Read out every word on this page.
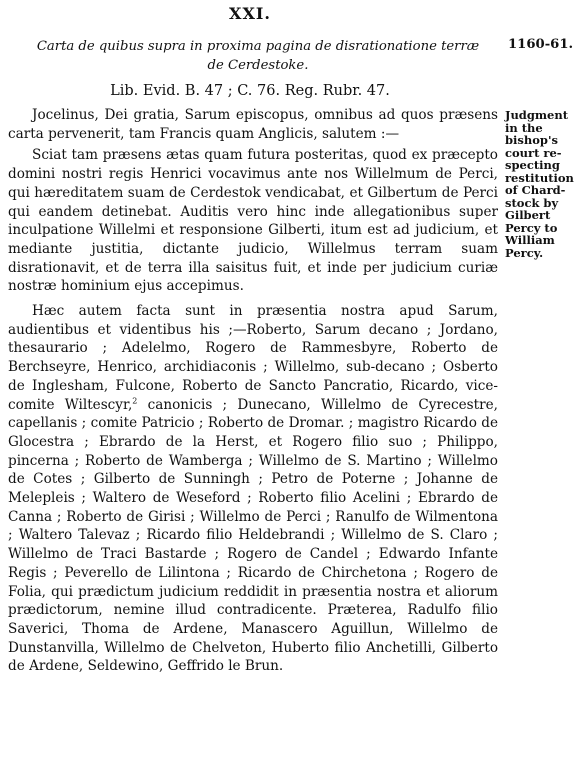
XXI.
Carta de quibus supra in proxima pagina de disrationatione terræ de Cerdestoke.
1160-61.
Lib. Evid. B. 47 ; C. 76. Reg. Rubr. 47.

Jocelinus, Dei gratia, Sarum episcopus, omnibus ad quos præsens carta pervenerit, tam Francis quam Anglicis, salutem :—

Sciat tam præsens ætas quam futura posteritas, quod ex præcepto domini nostri regis Henrici vocavimus ante nos Willelmum de Perci, qui hæreditatem suam de Cerdestok vendicabat, et Gilbertum de Perci qui eandem detinebat. Auditis vero hinc inde allegationibus super inculpatione Willelmi et responsione Gilberti, itum est ad judicium, et mediante justitia, dictante judicio, Willelmus terram suam disrationavit, et de terra illa saisitus fuit, et inde per judicium curiæ nostræ hominium ejus accepimus.

Hæc autem facta sunt in præsentia nostra apud Sarum, audientibus et videntibus his ;—Roberto, Sarum decano ; Jordano, thesaurario ; Adelelmo, Rogero de Rammesbyre, Roberto de Berchseyre, Henrico, archidiaconis ; Willelmo, sub-decano ; Osberto de Inglesham, Fulcone, Roberto de Sancto Pancratio, Ricardo, vice-comite Wiltescyr,$^2$ canonicis ; Dunecano, Willelmo de Cyrecestre, capellanis ; comite Patricio ; Roberto de Dromar. ; magistro Ricardo de Glocestra ; Ebrardo de la Herst, et Rogero filio suo ; Philippo, pincerna ; Roberto de Wamberga ; Willelmo de S. Martino ; Willelmo de Cotes ; Gilberto de Sunningh ; Petro de Poterne ; Johanne de Melepleis ; Waltero de Weseford ; Roberto filio Acelini ; Ebrardo de Canna ; Roberto de Girisi ; Willelmo de Perci ; Ranulfo de Wilmentona ; Waltero Talevaz ; Ricardo filio Heldebrandi ; Willelmo de S. Claro ; Willelmo de Traci Bastarde ; Rogero de Candel ; Edwardo Infante Regis ; Peverello de Lilintona ; Ricardo de Chirchetona ; Rogero de Folia, qui prædictum judicium reddidit in præsentia nostra et aliorum prædictorum, nemine illud contradicente. Præterea, Radulfo filio Saverici, Thoma de Ardene, Manascero Aguillun, Willelmo de Dunstanvilla, Willelmo de Chelveton, Huberto filio Anchetilli, Gilberto de Ardene, Seldewino, Geffrido le Brun.

Judgment
in the
bishop's
court re-
specting
restitution
of Chard-
stock by
Gilbert
Percy to
William
Percy.
